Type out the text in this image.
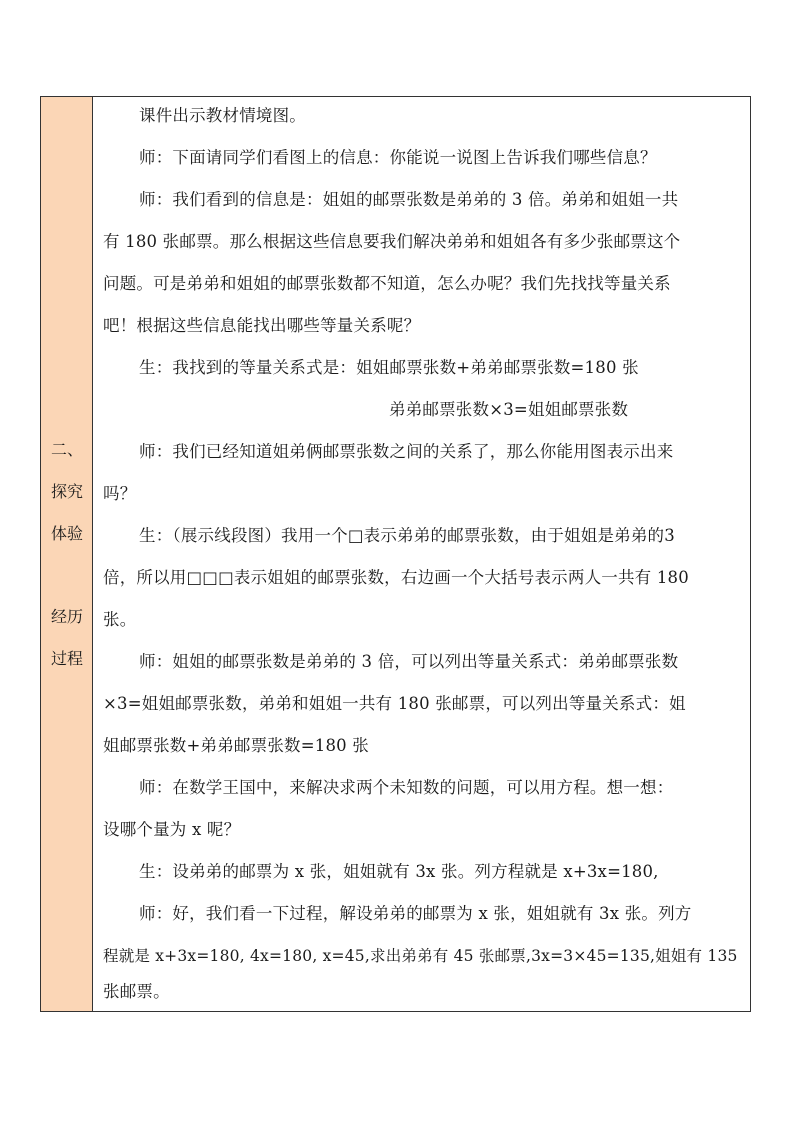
二、
探究
体验
经历
过程
课件出示教材情境图。
师：下面请同学们看图上的信息：你能说一说图上告诉我们哪些信息？
师：我们看到的信息是：姐姐的邮票张数是弟弟的 3 倍。弟弟和姐姐一共
有 180 张邮票。那么根据这些信息要我们解决弟弟和姐姐各有多少张邮票这个
问题。可是弟弟和姐姐的邮票张数都不知道，怎么办呢？我们先找找等量关系
吧！根据这些信息能找出哪些等量关系呢？
生：我找到的等量关系式是：姐姐邮票张数+弟弟邮票张数=180 张
弟弟邮票张数×3=姐姐邮票张数
师：我们已经知道姐弟俩邮票张数之间的关系了，那么你能用图表示出来
吗？
生：（展示线段图）我用一个□表示弟弟的邮票张数，由于姐姐是弟弟的3
倍，所以用□□□表示姐姐的邮票张数，右边画一个大括号表示两人一共有 180
张。
师：姐姐的邮票张数是弟弟的 3 倍，可以列出等量关系式：弟弟邮票张数
×3=姐姐邮票张数，弟弟和姐姐一共有 180 张邮票，可以列出等量关系式：姐
姐邮票张数+弟弟邮票张数=180 张
师：在数学王国中，来解决求两个未知数的问题，可以用方程。想一想：
设哪个量为 x 呢？
生：设弟弟的邮票为 x 张，姐姐就有 3x 张。列方程就是 x+3x=180,
师：好，我们看一下过程，解设弟弟的邮票为 x 张，姐姐就有 3x 张。列方
程就是 x+3x=180, 4x=180, x=45,求出弟弟有 45 张邮票,3x=3×45=135,姐姐有 135
张邮票。
